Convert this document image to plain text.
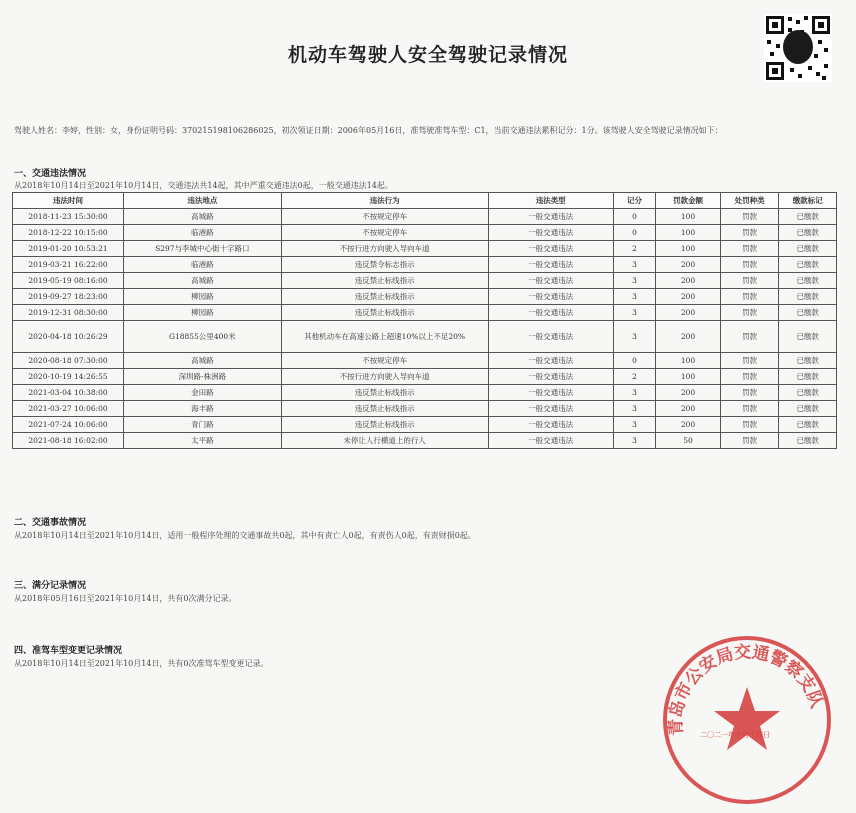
机动车驾驶人安全驾驶记录情况
驾驶人姓名：李婷，性别：女，身份证明号码：370215198106286025，初次领证日期：2006年05月16日，准驾驶准驾车型：C1，当前交通违法累积记分：1分。该驾驶人安全驾驶记录情况如下：
一、交通违法情况
从2018年10月14日至2021年10月14日，交通违法共14起，其中严重交通违法0起，一般交通违法14起。
违法时间	违法地点	违法行为	违法类型	记分	罚款金额	处罚种类	缴款标记
2018-11-23 15:30:00	高城路	不按规定停车	一般交通违法	0	100	罚款	已缴款
2018-12-22 10:15:00	临港路	不按规定停车	一般交通违法	0	100	罚款	已缴款
2019-01-20 10:53:21	S297与李城中心街十字路口	不按行进方向驶入导向车道	一般交通违法	2	100	罚款	已缴款
2019-03-21 16:22:00	临港路	违反禁令标志指示	一般交通违法	3	200	罚款	已缴款
2019-05-19 08:16:00	高城路	违反禁止标线指示	一般交通违法	3	200	罚款	已缴款
2019-09-27 18:23:00	柳园路	违反禁止标线指示	一般交通违法	3	200	罚款	已缴款
2019-12-31 08:30:00	柳园路	违反禁止标线指示	一般交通违法	3	200	罚款	已缴款
2020-04-18 10:26:29	G18855公里400米	其他机动车在高速公路上超速10%以上不足20%	一般交通违法	3	200	罚款	已缴款
2020-08-18 07:30:00	高城路	不按规定停车	一般交通违法	0	100	罚款	已缴款
2020-10-19 14:26:55	深圳路-株洲路	不按行进方向驶入导向车道	一般交通违法	2	100	罚款	已缴款
2021-03-04 10:38:00	金田路	违反禁止标线指示	一般交通违法	3	200	罚款	已缴款
2021-03-27 10:06:00	海丰路	违反禁止标线指示	一般交通违法	3	200	罚款	已缴款
2021-07-24 10:06:00	青门路	违反禁止标线指示	一般交通违法	3	200	罚款	已缴款
2021-08-18 16:02:00	太平路	未停让人行横道上的行人	一般交通违法	3	50	罚款	已缴款
二、交通事故情况
从2018年10月14日至2021年10月14日，适用一般程序处理的交通事故共0起，其中有责亡人0起，有责伤人0起，有责财损0起。
三、满分记录情况
从2018年05月16日至2021年10月14日，共有0次满分记录。
四、准驾车型变更记录情况
从2018年10月14日至2021年10月14日，共有0次准驾车型变更记录。
青岛市公安局交通警察支队
二〇二一年十月十四日
